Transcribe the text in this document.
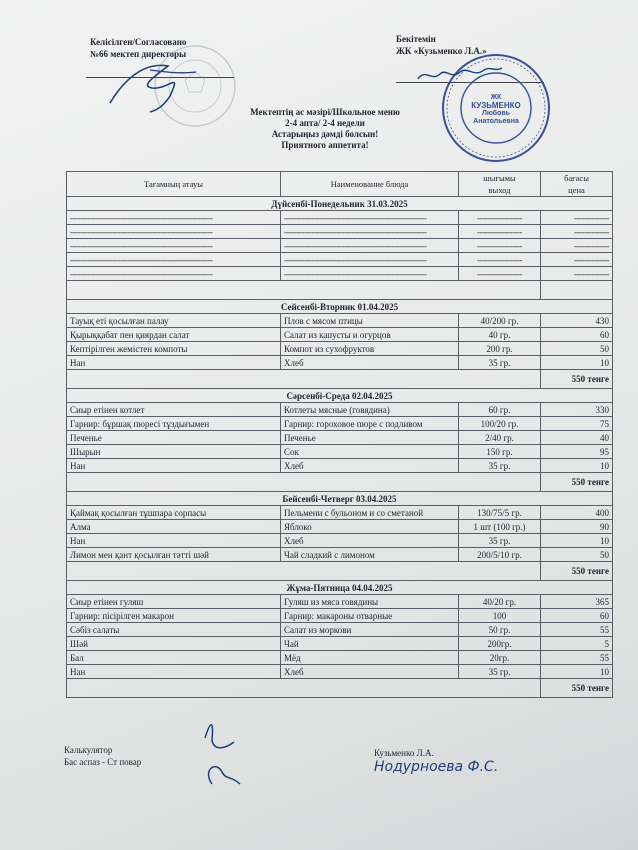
Келісілген/Согласовано
№66 мектеп директоры
Бекітемін
ЖК «Кузьменко Л.А.»
Мектептің ас мәзірі/Школьное меню
2-4 апта/ 2-4 недели
Астарыңыз дәмді болсын!
Приятного аппетита!
ЖК
КУЗЬМЕНКО
Любовь
Анатольевна
Тағамның атауы	Наименование блюда	шығымы	бағасы
		выход	цена
Дүйсенбі-Понедельник 31.03.2025			
---------------------------------------------------------	---------------------------------------------------------	------------------	--------------
---------------------------------------------------------	---------------------------------------------------------	------------------	--------------
---------------------------------------------------------	---------------------------------------------------------	------------------	--------------
---------------------------------------------------------	---------------------------------------------------------	------------------	--------------
---------------------------------------------------------	---------------------------------------------------------	------------------	--------------

Сейсенбі-Вторник 01.04.2025			
Тауық еті қосылған палау	Плов с мясом птицы	40/200 гр.	430
Қырыққабат пен қиярдан салат	Салат из капусты и огурцов	40 гр.	60
Кептірілген жемістен компоты	Компот из сухофруктов	200 гр.	50
Нан	Хлеб	35 гр.	10
			550 тенге
Сәрсенбі-Среда 02.04.2025			
Сиыр етінен котлет	Котлеты мясные (говядина)	60 гр.	330
Гарнир: бұршақ пюресі тұздығымен	Гарнир: гороховое пюре с подливом	100/20 гр.	75
Печенье	Печенье	2/40 гр.	40
Шырын	Сок	150 гр.	95
Нан	Хлеб	35 гр.	10
			550 тенге
Бейсенбі-Четверг 03.04.2025			
Қаймақ қосылған тұшпара сорпасы	Пельмени с бульоном и со сметаной	130/75/5 гр.	400
Алма	Яблоко	1 шт (100 гр.)	90
Нан	Хлеб	35 гр.	10
Лимон мен қант қосылған тәтті шәй	Чай сладкий с лимоном	200/5/10 гр.	50
			550 тенге
Жұма-Пятница 04.04.2025			
Сиыр етінен гуляш	Гуляш из мяса говядины	40/20 гр.	365
Гарнир: пісірілген макарон	Гарнир: макароны отварные	100	60
Сәбіз салаты	Салат из моркови	50 гр.	55
Шәй	Чай	200гр.	5
Бал	Мёд	20гр.	55
Нан	Хлеб	35 гр.	10
			550 тенге
Калькулятор
Бас аспаз - Ст повар
Кузьменко Л.А.
Нодурноева Ф.С.
